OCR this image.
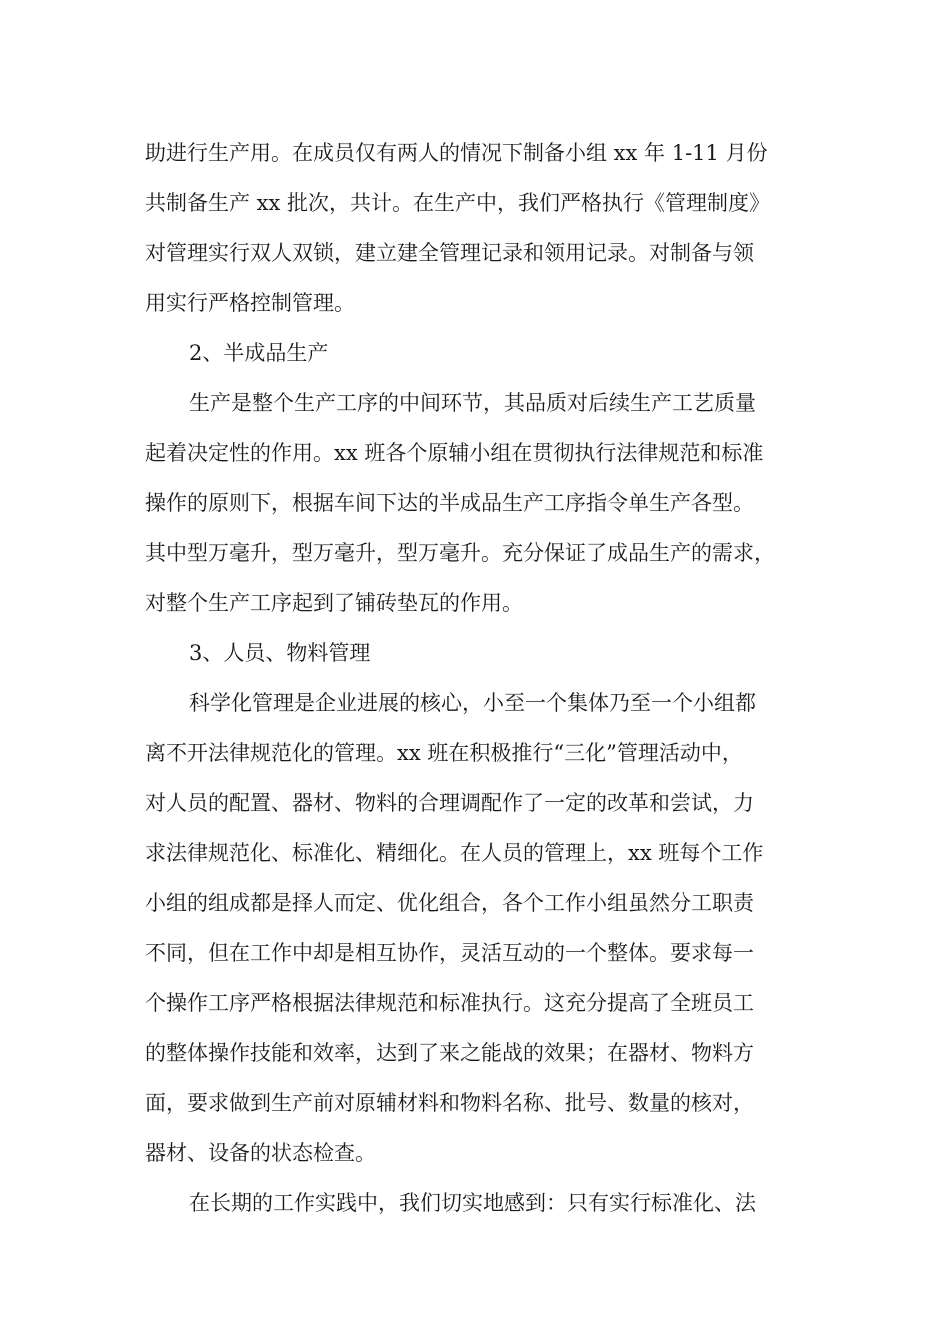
助进行生产用。在成员仅有两人的情况下制备小组 xx 年 1-11 月份
共制备生产 xx 批次，共计。在生产中，我们严格执行《管理制度》
对管理实行双人双锁，建立建全管理记录和领用记录。对制备与领
用实行严格控制管理。
2、半成品生产
生产是整个生产工序的中间环节，其品质对后续生产工艺质量
起着决定性的作用。xx 班各个原辅小组在贯彻执行法律规范和标准
操作的原则下，根据车间下达的半成品生产工序指令单生产各型。
其中型万毫升，型万毫升，型万毫升。充分保证了成品生产的需求，
对整个生产工序起到了铺砖垫瓦的作用。
3、人员、物料管理
科学化管理是企业进展的核心，小至一个集体乃至一个小组都
离不开法律规范化的管理。xx 班在积极推行“三化”管理活动中，
对人员的配置、器材、物料的合理调配作了一定的改革和尝试，力
求法律规范化、标准化、精细化。在人员的管理上，xx 班每个工作
小组的组成都是择人而定、优化组合，各个工作小组虽然分工职责
不同，但在工作中却是相互协作，灵活互动的一个整体。要求每一
个操作工序严格根据法律规范和标准执行。这充分提高了全班员工
的整体操作技能和效率，达到了来之能战的效果；在器材、物料方
面，要求做到生产前对原辅材料和物料名称、批号、数量的核对，
器材、设备的状态检查。
在长期的工作实践中，我们切实地感到：只有实行标准化、法
